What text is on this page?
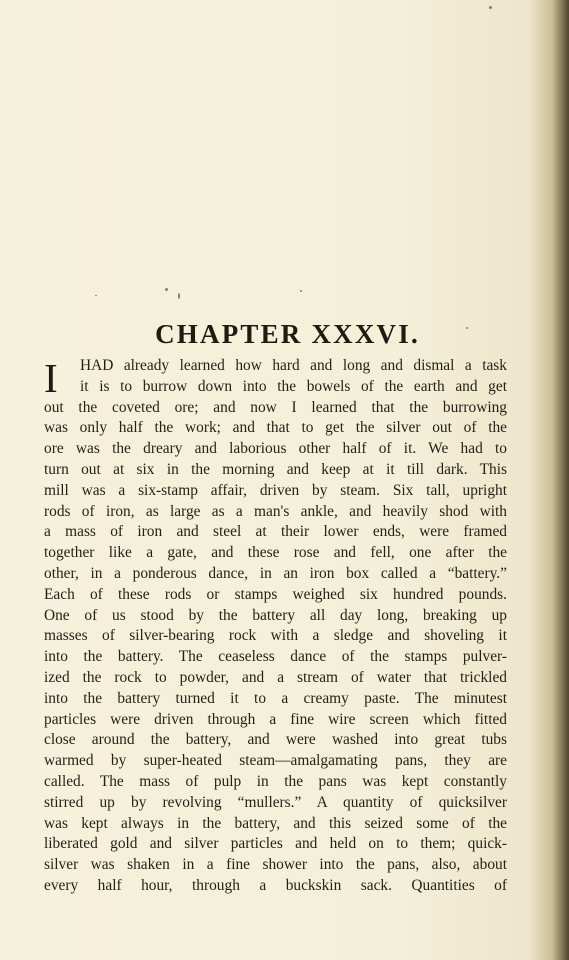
CHAPTER XXXVI.
I	HAD already learned how hard and long and dismal a task
it is to burrow down into the bowels of the earth and get
out the coveted ore; and now I learned that the burrowing
was only half the work; and that to get the silver out of the
ore was the dreary and laborious other half of it. We had to
turn out at six in the morning and keep at it till dark. This
mill was a six-stamp affair, driven by steam. Six tall, upright
rods of iron, as large as a man's ankle, and heavily shod with
a mass of iron and steel at their lower ends, were framed
together like a gate, and these rose and fell, one after the
other, in a ponderous dance, in an iron box called a “battery.”
Each of these rods or stamps weighed six hundred pounds.
One of us stood by the battery all day long, breaking up
masses of silver-bearing rock with a sledge and shoveling it
into the battery. The ceaseless dance of the stamps pulver-
ized the rock to powder, and a stream of water that trickled
into the battery turned it to a creamy paste. The minutest
particles were driven through a fine wire screen which fitted
close around the battery, and were washed into great tubs
warmed by super-heated steam—amalgamating pans, they are
called. The mass of pulp in the pans was kept constantly
stirred up by revolving “mullers.” A quantity of quicksilver
was kept always in the battery, and this seized some of the
liberated gold and silver particles and held on to them; quick-
silver was shaken in a fine shower into the pans, also, about
every half hour, through a buckskin sack. Quantities of
